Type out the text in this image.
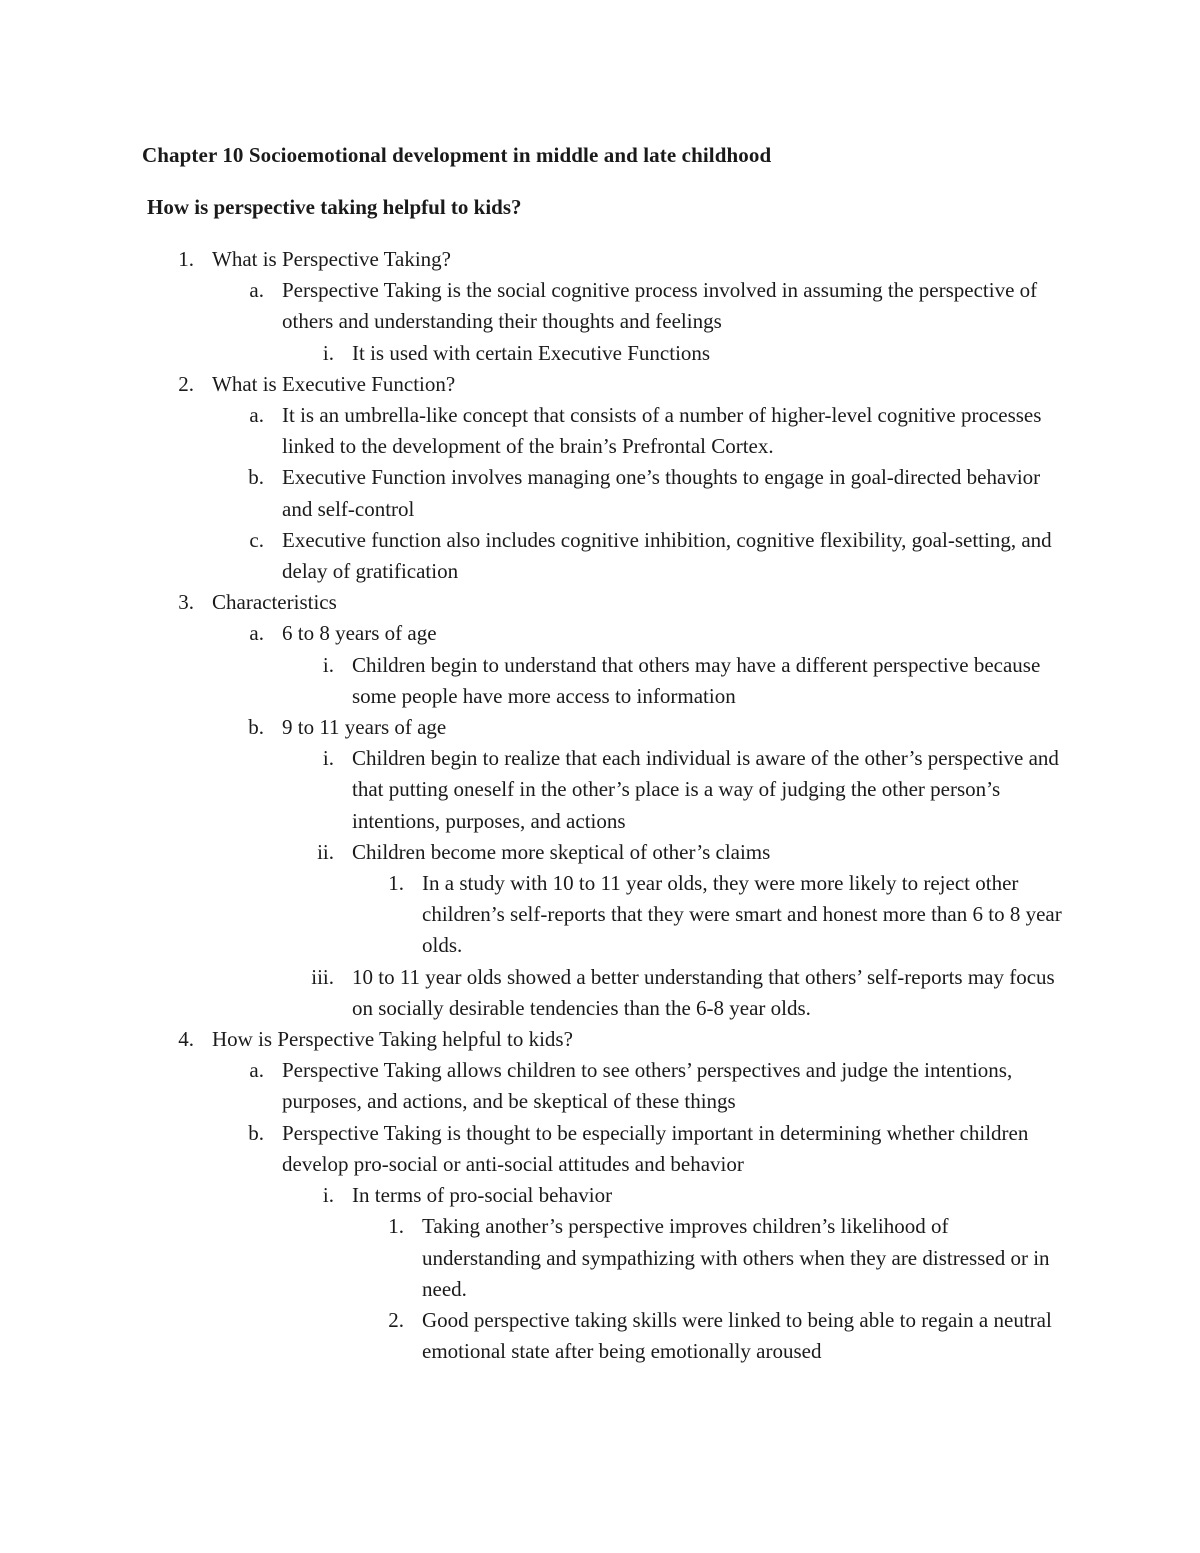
Chapter 10 Socioemotional development in middle and late childhood
How is perspective taking helpful to kids?
1. What is Perspective Taking?
a. Perspective Taking is the social cognitive process involved in assuming the perspective of others and understanding their thoughts and feelings
i. It is used with certain Executive Functions
2. What is Executive Function?
a. It is an umbrella-like concept that consists of a number of higher-level cognitive processes linked to the development of the brain’s Prefrontal Cortex.
b. Executive Function involves managing one’s thoughts to engage in goal-directed behavior and self-control
c. Executive function also includes cognitive inhibition, cognitive flexibility, goal-setting, and delay of gratification
3. Characteristics
a. 6 to 8 years of age
i. Children begin to understand that others may have a different perspective because some people have more access to information
b. 9 to 11 years of age
i. Children begin to realize that each individual is aware of the other’s perspective and that putting oneself in the other’s place is a way of judging the other person’s intentions, purposes, and actions
ii. Children become more skeptical of other’s claims
1. In a study with 10 to 11 year olds, they were more likely to reject other children’s self-reports that they were smart and honest more than 6 to 8 year olds.
iii. 10 to 11 year olds showed a better understanding that others’ self-reports may focus on socially desirable tendencies than the 6-8 year olds.
4. How is Perspective Taking helpful to kids?
a. Perspective Taking allows children to see others’ perspectives and judge the intentions, purposes, and actions, and be skeptical of these things
b. Perspective Taking is thought to be especially important in determining whether children develop pro-social or anti-social attitudes and behavior
i. In terms of pro-social behavior
1. Taking another’s perspective improves children’s likelihood of understanding and sympathizing with others when they are distressed or in need.
2. Good perspective taking skills were linked to being able to regain a neutral emotional state after being emotionally aroused
